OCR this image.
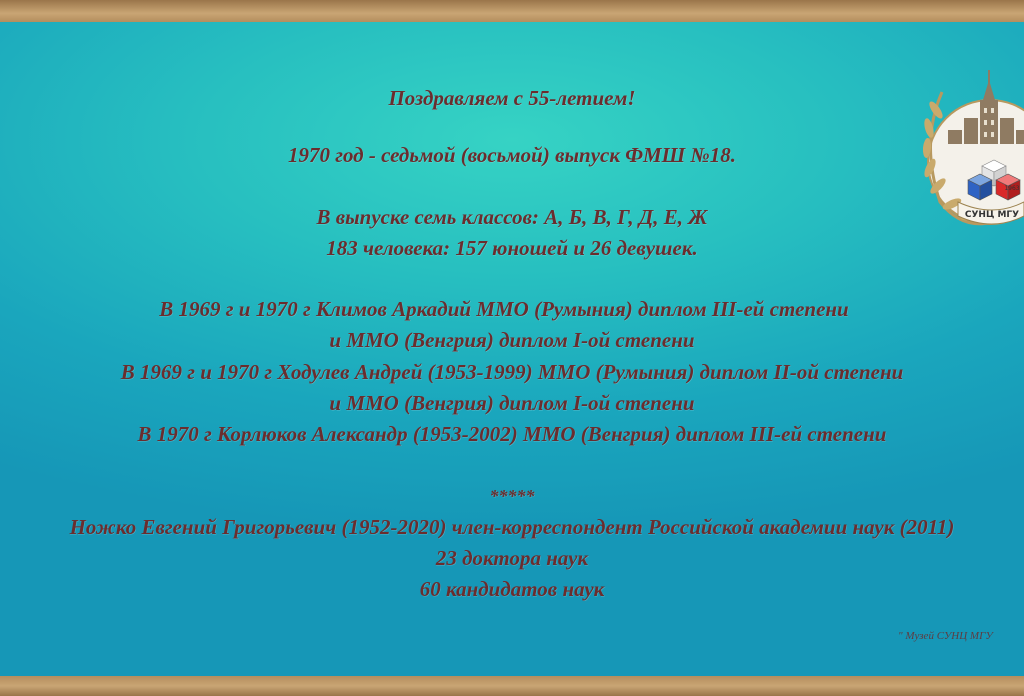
Поздравляем с 55-летием!

1970 год - седьмой (восьмой) выпуск ФМШ №18.

В выпуске семь классов: А, Б, В, Г, Д, Е, Ж

183 человека: 157 юношей и 26 девушек.

В 1969 г и 1970 г Климов Аркадий ММО (Румыния) диплом III-ей степени

и ММО (Венгрия) диплом I-ой степени

В 1969 г и 1970 г Ходулев Андрей (1953-1999) ММО (Румыния) диплом II-ой степени

и ММО (Венгрия) диплом I-ой степени

В 1970 г Корлюков Александр (1953-2002) ММО (Венгрия) диплом III-ей степени

*****

Ножко Евгений Григорьевич (1952-2020) член-корреспондент Российской академии наук (2011)

23 доктора наук

60 кандидатов наук

" Музей СУНЦ МГУ

СУНЦ МГУ
1963
